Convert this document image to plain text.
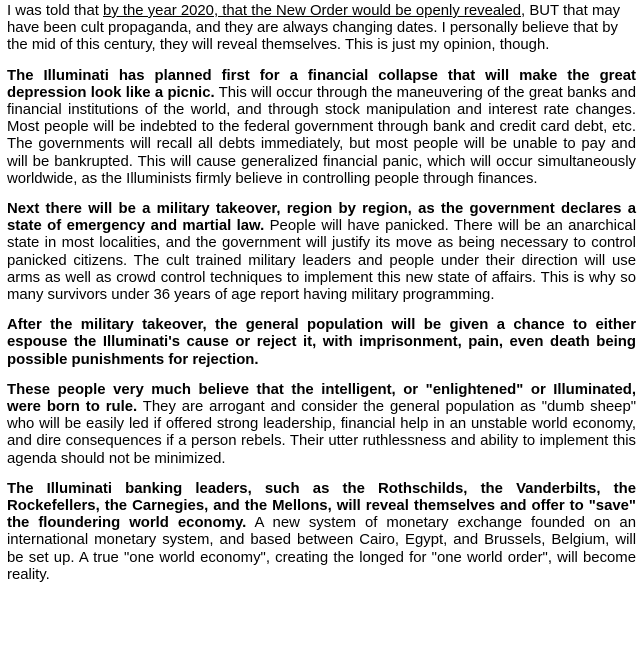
I was told that by the year 2020, that the New Order would be openly revealed, BUT that may have been cult propaganda, and they are always changing dates. I personally believe that by the mid of this century, they will reveal themselves. This is just my opinion, though.

The Illuminati has planned first for a financial collapse that will make the great depression look like a picnic. This will occur through the maneuvering of the great banks and financial institutions of the world, and through stock manipulation and interest rate changes. Most people will be indebted to the federal government through bank and credit card debt, etc. The governments will recall all debts immediately, but most people will be unable to pay and will be bankrupted. This will cause generalized financial panic, which will occur simultaneously worldwide, as the Illuminists firmly believe in controlling people through finances.

Next there will be a military takeover, region by region, as the government declares a state of emergency and martial law. People will have panicked. There will be an anarchical state in most localities, and the government will justify its move as being necessary to control panicked citizens. The cult trained military leaders and people under their direction will use arms as well as crowd control techniques to implement this new state of affairs. This is why so many survivors under 36 years of age report having military programming.

After the military takeover, the general population will be given a chance to either espouse the Illuminati's cause or reject it, with imprisonment, pain, even death being possible punishments for rejection.

These people very much believe that the intelligent, or "enlightened" or Illuminated, were born to rule. They are arrogant and consider the general population as "dumb sheep" who will be easily led if offered strong leadership, financial help in an unstable world economy, and dire consequences if a person rebels. Their utter ruthlessness and ability to implement this agenda should not be minimized.

The Illuminati banking leaders, such as the Rothschilds, the Vanderbilts, the Rockefellers, the Carnegies, and the Mellons, will reveal themselves and offer to "save" the floundering world economy. A new system of monetary exchange founded on an international monetary system, and based between Cairo, Egypt, and Brussels, Belgium, will be set up. A true "one world economy", creating the longed for "one world order", will become reality.
